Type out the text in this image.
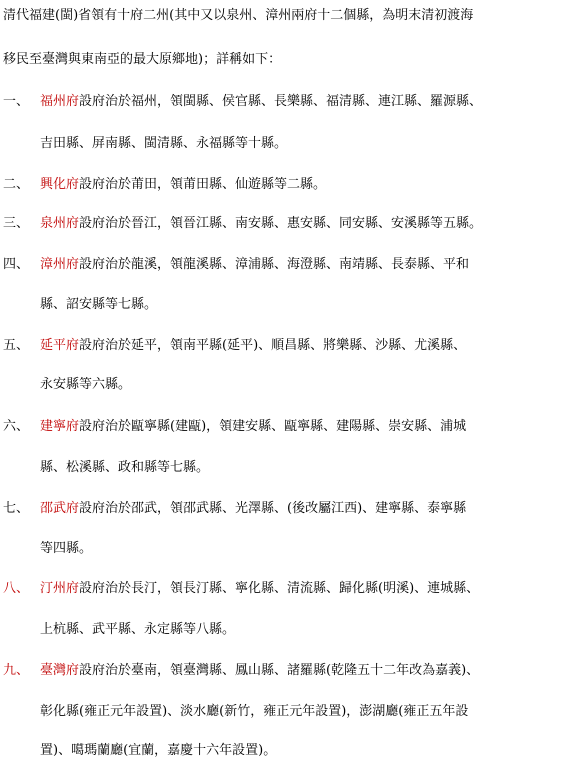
清代福建(閩)省領有十府二州(其中又以泉州、漳州兩府十二個縣，為明末清初渡海
移民至臺灣與東南亞的最大原鄉地)；詳稱如下：
一、 福州府設府治於福州，領閩縣、侯官縣、長樂縣、福清縣、連江縣、羅源縣、
吉田縣、屏南縣、閩清縣、永福縣等十縣。
二、 興化府設府治於莆田，領莆田縣、仙遊縣等二縣。
三、 泉州府設府治於晉江，領晉江縣、南安縣、惠安縣、同安縣、安溪縣等五縣。
四、 漳州府設府治於龍溪，領龍溪縣、漳浦縣、海澄縣、南靖縣、長泰縣、平和
縣、詔安縣等七縣。
五、 延平府設府治於延平，領南平縣(延平)、順昌縣、將樂縣、沙縣、尤溪縣、
永安縣等六縣。
六、 建寧府設府治於甌寧縣(建甌)，領建安縣、甌寧縣、建陽縣、崇安縣、浦城
縣、松溪縣、政和縣等七縣。
七、 邵武府設府治於邵武，領邵武縣、光澤縣、(後改屬江西)、建寧縣、泰寧縣
等四縣。
八、 汀州府設府治於長汀，領長汀縣、寧化縣、清流縣、歸化縣(明溪)、連城縣、
上杭縣、武平縣、永定縣等八縣。
九、 臺灣府設府治於臺南，領臺灣縣、鳳山縣、諸羅縣(乾隆五十二年改為嘉義)、
彰化縣(雍正元年設置)、淡水廳(新竹，雍正元年設置)，澎湖廳(雍正五年設
置)、噶瑪蘭廳(宜蘭，嘉慶十六年設置)。
